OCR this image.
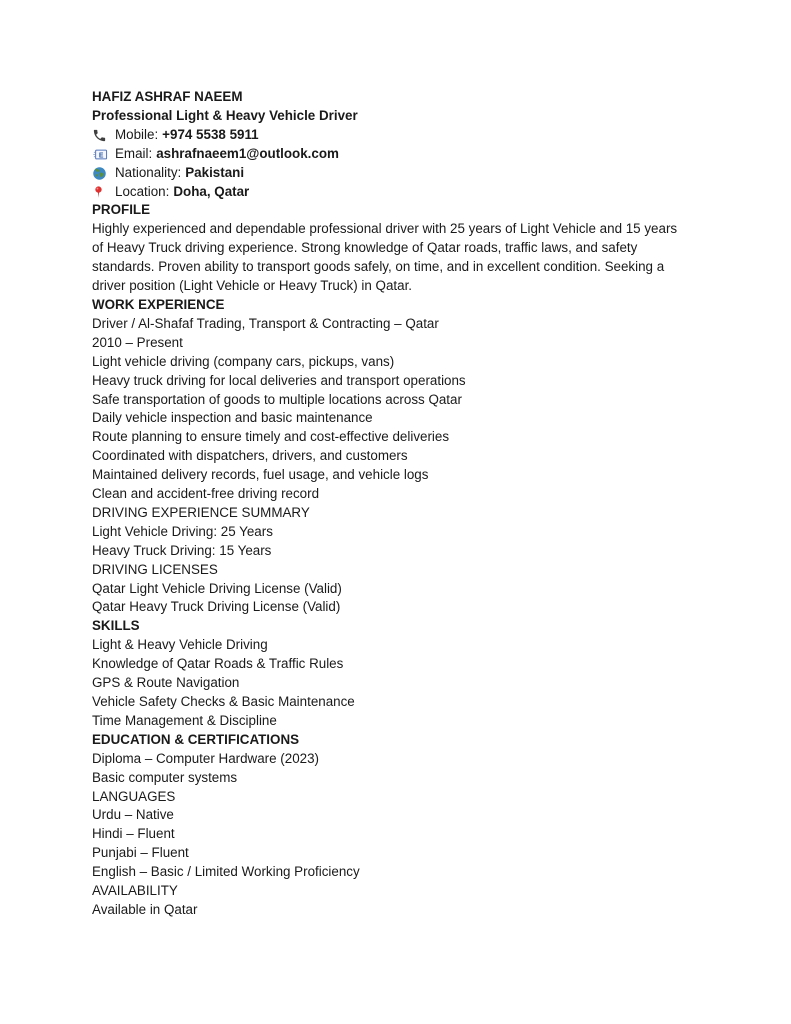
HAFIZ ASHRAF NAEEM
Professional Light & Heavy Vehicle Driver
Mobile: +974 5538 5911
E Email: ashrafnaeem1@outlook.com
Nationality: Pakistani
Location: Doha, Qatar
PROFILE
Highly experienced and dependable professional driver with 25 years of Light Vehicle and 15 years of Heavy Truck driving experience. Strong knowledge of Qatar roads, traffic laws, and safety standards. Proven ability to transport goods safely, on time, and in excellent condition. Seeking a driver position (Light Vehicle or Heavy Truck) in Qatar.
WORK EXPERIENCE
Driver / Al-Shafaf Trading, Transport & Contracting – Qatar
2010 – Present
Light vehicle driving (company cars, pickups, vans)
Heavy truck driving for local deliveries and transport operations
Safe transportation of goods to multiple locations across Qatar
Daily vehicle inspection and basic maintenance
Route planning to ensure timely and cost-effective deliveries
Coordinated with dispatchers, drivers, and customers
Maintained delivery records, fuel usage, and vehicle logs
Clean and accident-free driving record
DRIVING EXPERIENCE SUMMARY
Light Vehicle Driving: 25 Years
Heavy Truck Driving: 15 Years
DRIVING LICENSES
Qatar Light Vehicle Driving License (Valid)
Qatar Heavy Truck Driving License (Valid)
SKILLS
Light & Heavy Vehicle Driving
Knowledge of Qatar Roads & Traffic Rules
GPS & Route Navigation
Vehicle Safety Checks & Basic Maintenance
Time Management & Discipline
EDUCATION & CERTIFICATIONS
Diploma – Computer Hardware (2023)
Basic computer systems
LANGUAGES
Urdu – Native
Hindi – Fluent
Punjabi – Fluent
English – Basic / Limited Working Proficiency
AVAILABILITY
Available in Qatar
